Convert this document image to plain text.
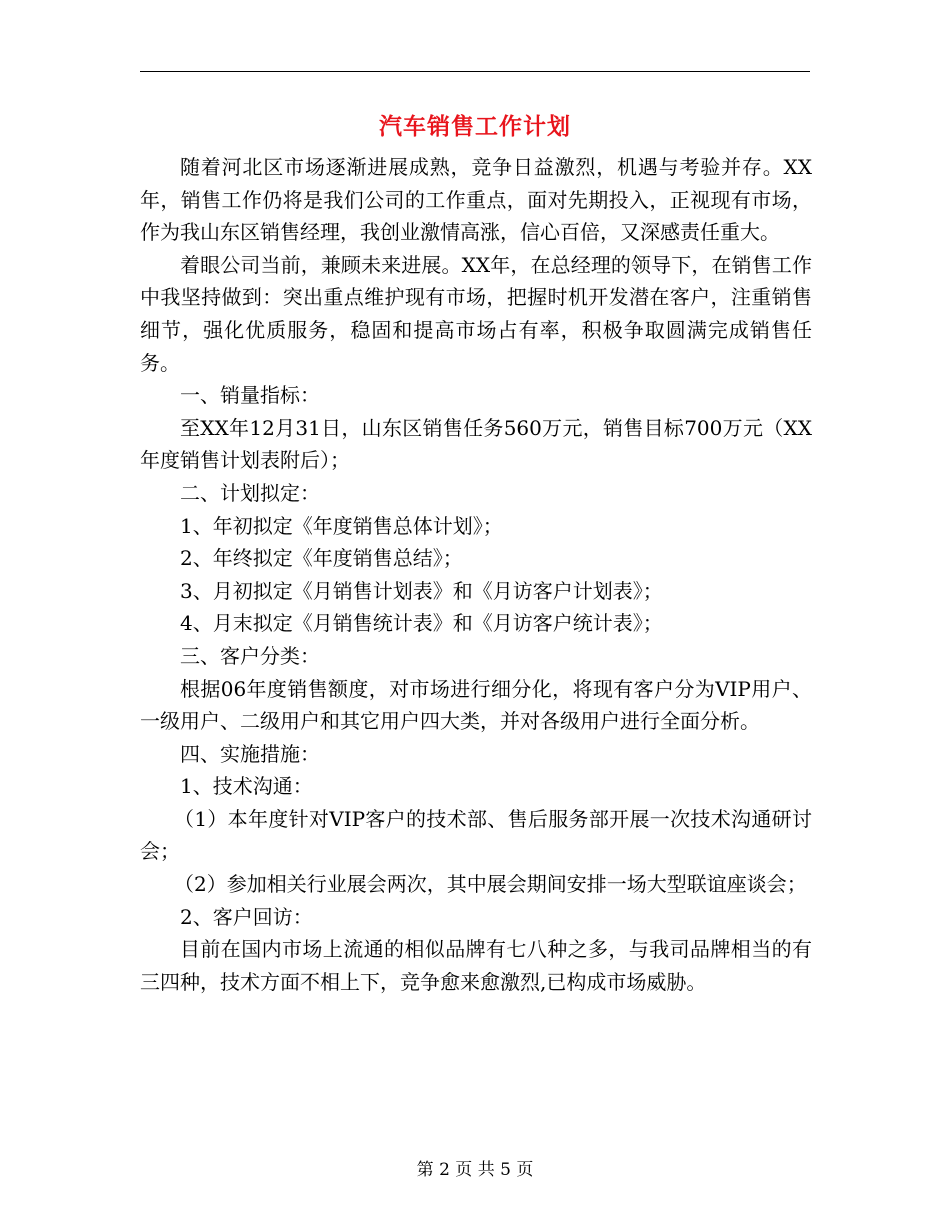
汽车销售工作计划

随着河北区市场逐渐进展成熟，竞争日益激烈，机遇与考验并存。XX年，销售工作仍将是我们公司的工作重点，面对先期投入，正视现有市场，作为我山东区销售经理，我创业激情高涨，信心百倍，又深感责任重大。

着眼公司当前，兼顾未来进展。XX年，在总经理的领导下，在销售工作中我坚持做到：突出重点维护现有市场，把握时机开发潜在客户，注重销售细节，强化优质服务，稳固和提高市场占有率，积极争取圆满完成销售任务。

一、销量指标：

至XX年12月31日，山东区销售任务560万元，销售目标700万元（XX年度销售计划表附后）；

二、计划拟定：

1、年初拟定《年度销售总体计划》；

2、年终拟定《年度销售总结》；

3、月初拟定《月销售计划表》和《月访客户计划表》；

4、月末拟定《月销售统计表》和《月访客户统计表》；

三、客户分类：

根据06年度销售额度，对市场进行细分化，将现有客户分为VIP用户、一级用户、二级用户和其它用户四大类，并对各级用户进行全面分析。

四、实施措施：

1、技术沟通：

（1）本年度针对VIP客户的技术部、售后服务部开展一次技术沟通研讨会；

（2）参加相关行业展会两次，其中展会期间安排一场大型联谊座谈会；

2、客户回访：

目前在国内市场上流通的相似品牌有七八种之多，与我司品牌相当的有三四种，技术方面不相上下，竞争愈来愈激烈,已构成市场威胁。

第 2 页 共 5 页
